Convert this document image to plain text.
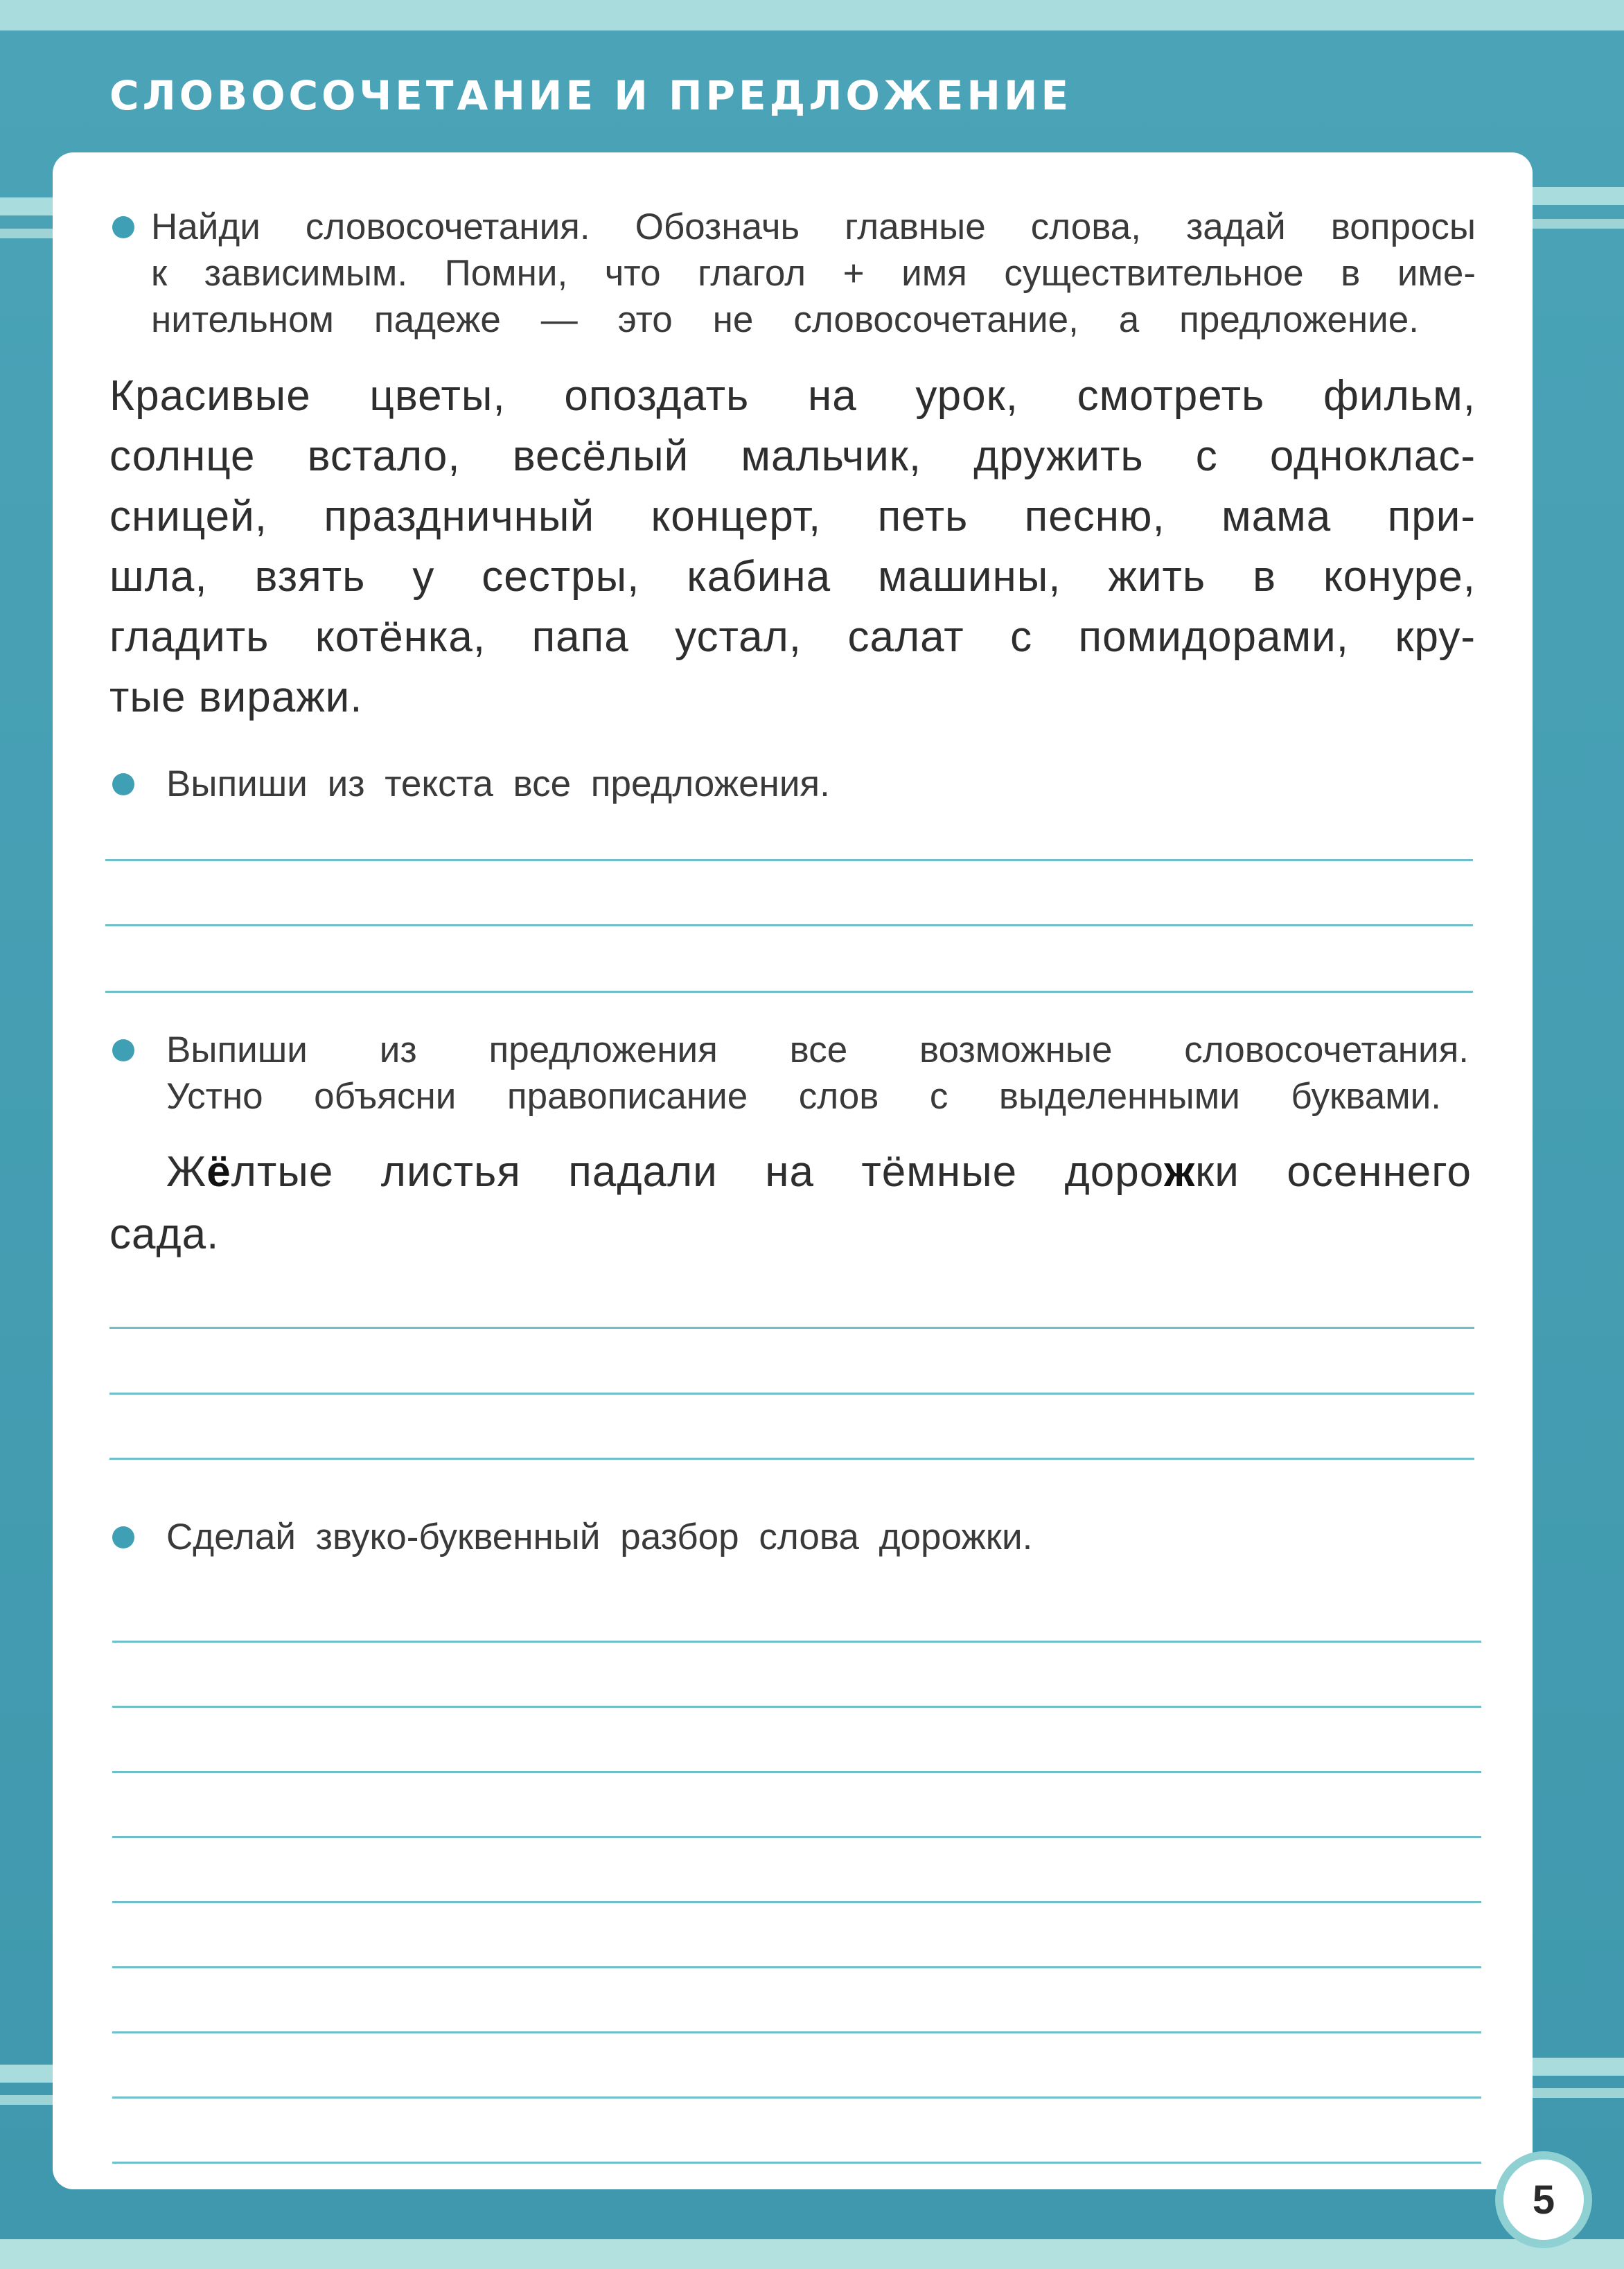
СЛОВОСОЧЕТАНИЕ И ПРЕДЛОЖЕНИЕ
Найди словосочетания. Обозначь главные слова, задай вопросы
к зависимым. Помни, что глагол + имя существительное в име-
нительном падеже — это не словосочетание, а предложение.
Красивые цветы, опоздать на урок, смотреть фильм,
солнце встало, весёлый мальчик, дружить с однoклас-
сницей, праздничный концерт, петь песню, мама при-
шла, взять у сестры, кабина машины, жить в конуре,
гладить котёнка, папа устал, салат с помидорами, кру-
тые виражи.
Выпиши из текста все предложения.
Выпиши из предложения все возможные словосочетания.
Устно объясни правописание слов с выделенными буквами.
Жёлтые листья падали на тёмные дорожки осеннего
сада.
Сделай звуко-буквенный разбор слова дорожки.
5
